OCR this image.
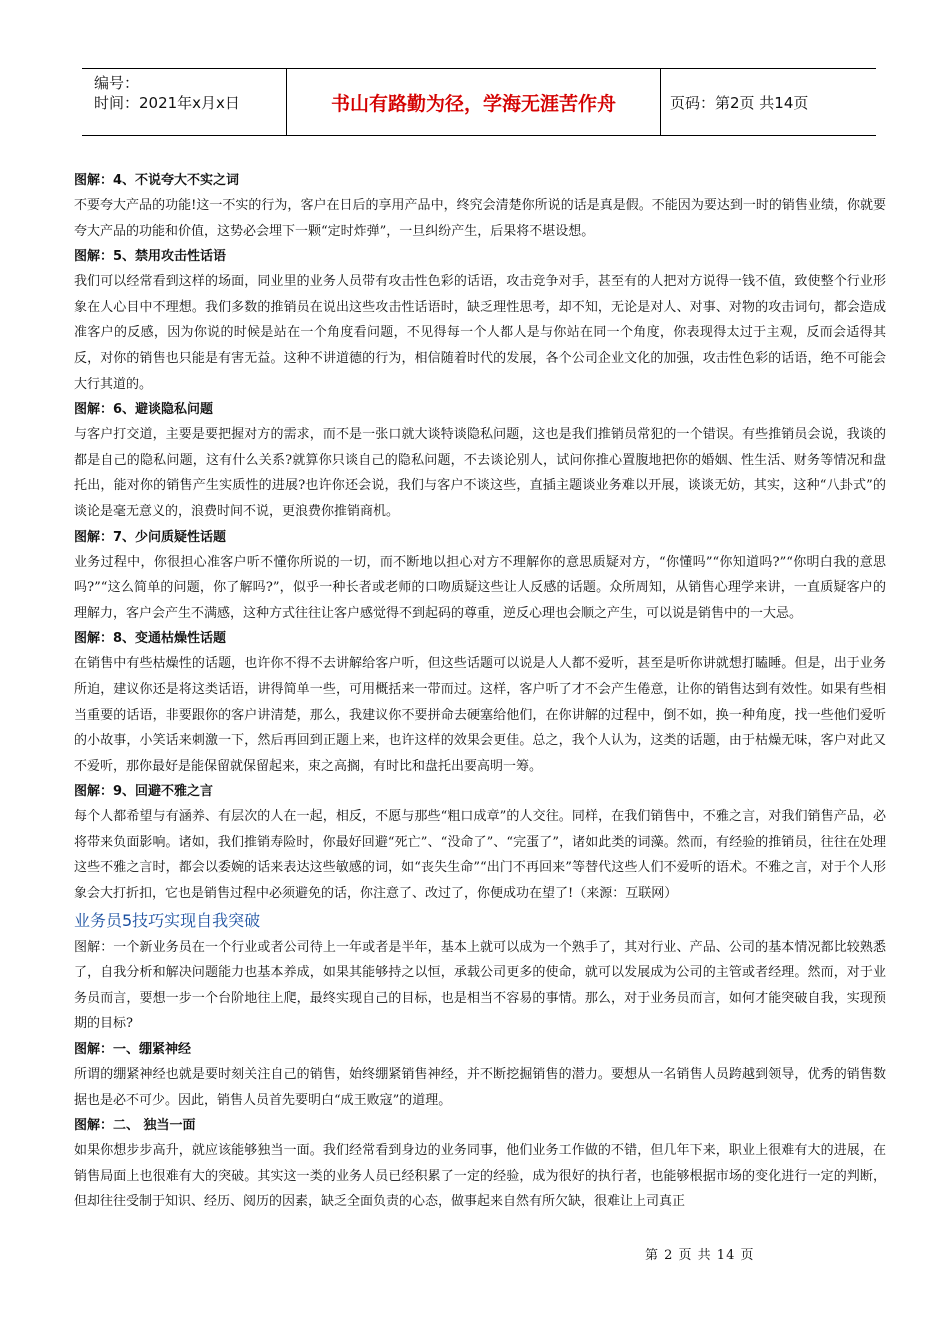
编号：
时间：2021年x月x日	书山有路勤为径，学海无涯苦作舟	页码：第2页 共14页

图解：4、不说夸大不实之词

不要夸大产品的功能!这一不实的行为，客户在日后的享用产品中，终究会清楚你所说的话是真是假。不能因为要达到一时的销售业绩，你就要夸大产品的功能和价值，这势必会埋下一颗“定时炸弹”，一旦纠纷产生，后果将不堪设想。

图解：5、禁用攻击性话语

我们可以经常看到这样的场面，同业里的业务人员带有攻击性色彩的话语，攻击竞争对手，甚至有的人把对方说得一钱不值，致使整个行业形象在人心目中不理想。我们多数的推销员在说出这些攻击性话语时，缺乏理性思考，却不知，无论是对人、对事、对物的攻击词句，都会造成准客户的反感，因为你说的时候是站在一个角度看问题，不见得每一个人都人是与你站在同一个角度，你表现得太过于主观，反而会适得其反，对你的销售也只能是有害无益。这种不讲道德的行为，相信随着时代的发展，各个公司企业文化的加强，攻击性色彩的话语，绝不可能会大行其道的。

图解：6、避谈隐私问题

与客户打交道，主要是要把握对方的需求，而不是一张口就大谈特谈隐私问题，这也是我们推销员常犯的一个错误。有些推销员会说，我谈的都是自己的隐私问题，这有什么关系?就算你只谈自己的隐私问题，不去谈论别人，试问你推心置腹地把你的婚姻、性生活、财务等情况和盘托出，能对你的销售产生实质性的进展?也许你还会说，我们与客户不谈这些，直插主题谈业务难以开展，谈谈无妨，其实，这种“八卦式”的谈论是毫无意义的，浪费时间不说，更浪费你推销商机。

图解：7、少问质疑性话题

业务过程中，你很担心准客户听不懂你所说的一切，而不断地以担心对方不理解你的意思质疑对方，“你懂吗”“你知道吗?”“你明白我的意思吗?”“这么简单的问题，你了解吗?”，似乎一种长者或老师的口吻质疑这些让人反感的话题。众所周知，从销售心理学来讲，一直质疑客户的理解力，客户会产生不满感，这种方式往往让客户感觉得不到起码的尊重，逆反心理也会顺之产生，可以说是销售中的一大忌。

图解：8、变通枯燥性话题

在销售中有些枯燥性的话题，也许你不得不去讲解给客户听，但这些话题可以说是人人都不爱听，甚至是听你讲就想打瞌睡。但是，出于业务所迫，建议你还是将这类话语，讲得简单一些，可用概括来一带而过。这样，客户听了才不会产生倦意，让你的销售达到有效性。如果有些相当重要的话语，非要跟你的客户讲清楚，那么，我建议你不要拼命去硬塞给他们，在你讲解的过程中，倒不如，换一种角度，找一些他们爱听的小故事，小笑话来刺激一下，然后再回到正题上来，也许这样的效果会更佳。总之，我个人认为，这类的话题，由于枯燥无味，客户对此又不爱听，那你最好是能保留就保留起来，束之高搁，有时比和盘托出要高明一筹。

图解：9、回避不雅之言

每个人都希望与有涵养、有层次的人在一起，相反，不愿与那些“粗口成章”的人交往。同样，在我们销售中，不雅之言，对我们销售产品，必将带来负面影响。诸如，我们推销寿险时，你最好回避“死亡”、“没命了”、“完蛋了”，诸如此类的词藻。然而，有经验的推销员，往往在处理这些不雅之言时，都会以委婉的话来表达这些敏感的词，如“丧失生命”“出门不再回来”等替代这些人们不爱听的语术。不雅之言，对于个人形象会大打折扣，它也是销售过程中必须避免的话，你注意了、改过了，你便成功在望了!（来源：互联网）

业务员5技巧实现自我突破

图解：一个新业务员在一个行业或者公司待上一年或者是半年，基本上就可以成为一个熟手了，其对行业、产品、公司的基本情况都比较熟悉了，自我分析和解决问题能力也基本养成，如果其能够持之以恒，承载公司更多的使命，就可以发展成为公司的主管或者经理。然而，对于业务员而言，要想一步一个台阶地往上爬，最终实现自己的目标，也是相当不容易的事情。那么，对于业务员而言，如何才能突破自我，实现预期的目标?

图解：一、绷紧神经

所谓的绷紧神经也就是要时刻关注自己的销售，始终绷紧销售神经，并不断挖掘销售的潜力。要想从一名销售人员跨越到领导，优秀的销售数据也是必不可少。因此，销售人员首先要明白“成王败寇”的道理。

图解：二、 独当一面

如果你想步步高升，就应该能够独当一面。我们经常看到身边的业务同事，他们业务工作做的不错，但几年下来，职业上很难有大的进展，在销售局面上也很难有大的突破。其实这一类的业务人员已经积累了一定的经验，成为很好的执行者，也能够根据市场的变化进行一定的判断，但却往往受制于知识、经历、阅历的因素，缺乏全面负责的心态，做事起来自然有所欠缺，很难让上司真正

第 2 页 共 14 页
